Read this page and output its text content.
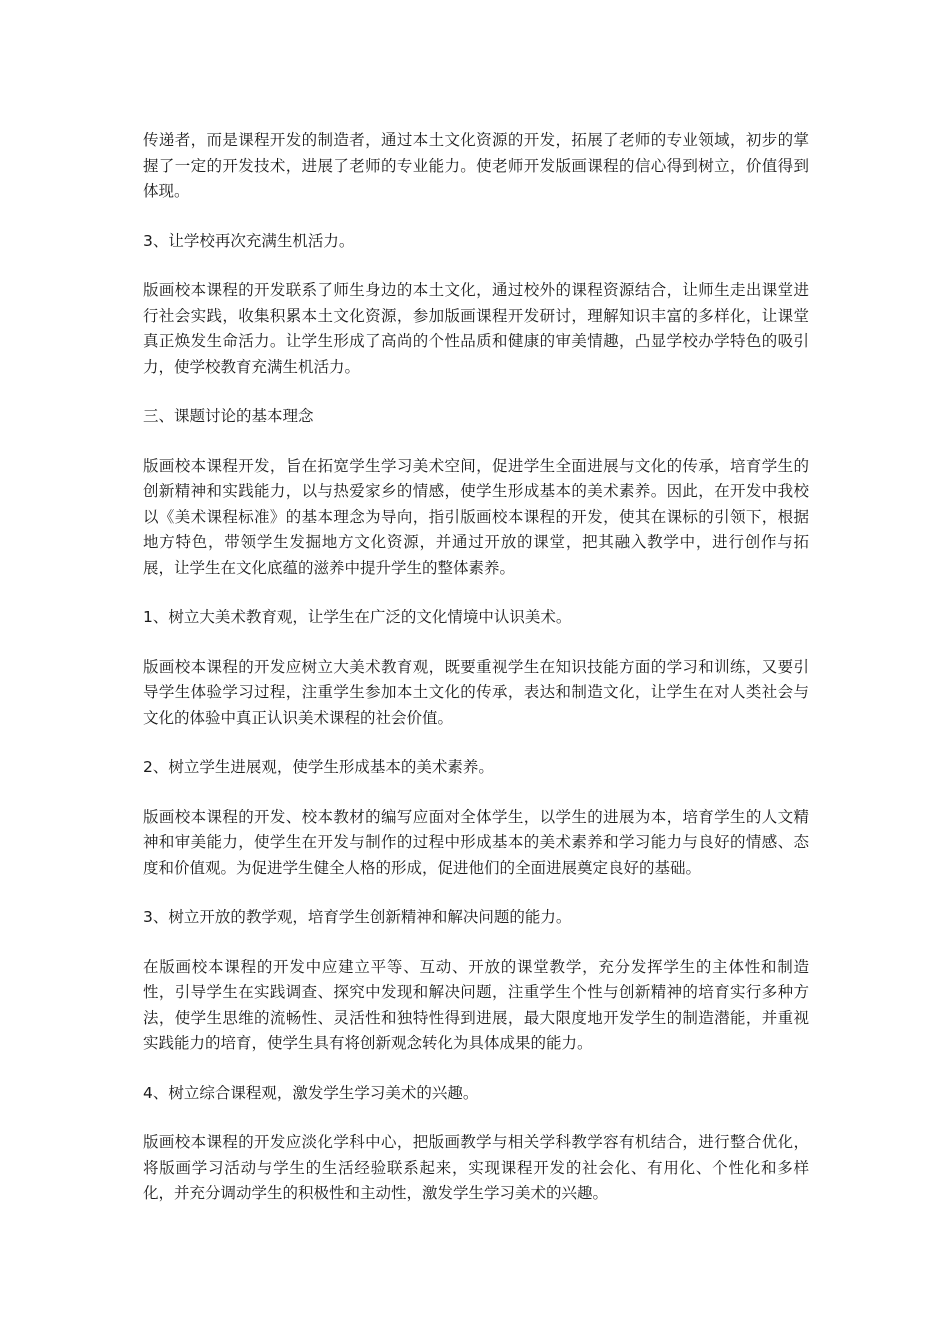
传递者，而是课程开发的制造者，通过本土文化资源的开发，拓展了老师的专业领域，初步的掌握了一定的开发技术，进展了老师的专业能力。使老师开发版画课程的信心得到树立，价值得到体现。

3、让学校再次充满生机活力。

版画校本课程的开发联系了师生身边的本土文化，通过校外的课程资源结合，让师生走出课堂进行社会实践，收集积累本土文化资源，参加版画课程开发研讨，理解知识丰富的多样化，让课堂真正焕发生命活力。让学生形成了高尚的个性品质和健康的审美情趣，凸显学校办学特色的吸引力，使学校教育充满生机活力。

三、课题讨论的基本理念

版画校本课程开发，旨在拓宽学生学习美术空间，促进学生全面进展与文化的传承，培育学生的创新精神和实践能力，以与热爱家乡的情感，使学生形成基本的美术素养。因此，在开发中我校以《美术课程标准》的基本理念为导向，指引版画校本课程的开发，使其在课标的引领下，根据地方特色，带领学生发掘地方文化资源，并通过开放的课堂，把其融入教学中，进行创作与拓展，让学生在文化底蕴的滋养中提升学生的整体素养。

1、树立大美术教育观，让学生在广泛的文化情境中认识美术。

版画校本课程的开发应树立大美术教育观，既要重视学生在知识技能方面的学习和训练，又要引导学生体验学习过程，注重学生参加本土文化的传承，表达和制造文化，让学生在对人类社会与文化的体验中真正认识美术课程的社会价值。

2、树立学生进展观，使学生形成基本的美术素养。

版画校本课程的开发、校本教材的编写应面对全体学生，以学生的进展为本，培育学生的人文精神和审美能力，使学生在开发与制作的过程中形成基本的美术素养和学习能力与良好的情感、态度和价值观。为促进学生健全人格的形成，促进他们的全面进展奠定良好的基础。

3、树立开放的教学观，培育学生创新精神和解决问题的能力。

在版画校本课程的开发中应建立平等、互动、开放的课堂教学，充分发挥学生的主体性和制造性，引导学生在实践调查、探究中发现和解决问题，注重学生个性与创新精神的培育实行多种方法，使学生思维的流畅性、灵活性和独特性得到进展，最大限度地开发学生的制造潜能，并重视实践能力的培育，使学生具有将创新观念转化为具体成果的能力。

4、树立综合课程观，激发学生学习美术的兴趣。

版画校本课程的开发应淡化学科中心，把版画教学与相关学科教学容有机结合，进行整合优化，将版画学习活动与学生的生活经验联系起来，实现课程开发的社会化、有用化、个性化和多样化，并充分调动学生的积极性和主动性，激发学生学习美术的兴趣。
